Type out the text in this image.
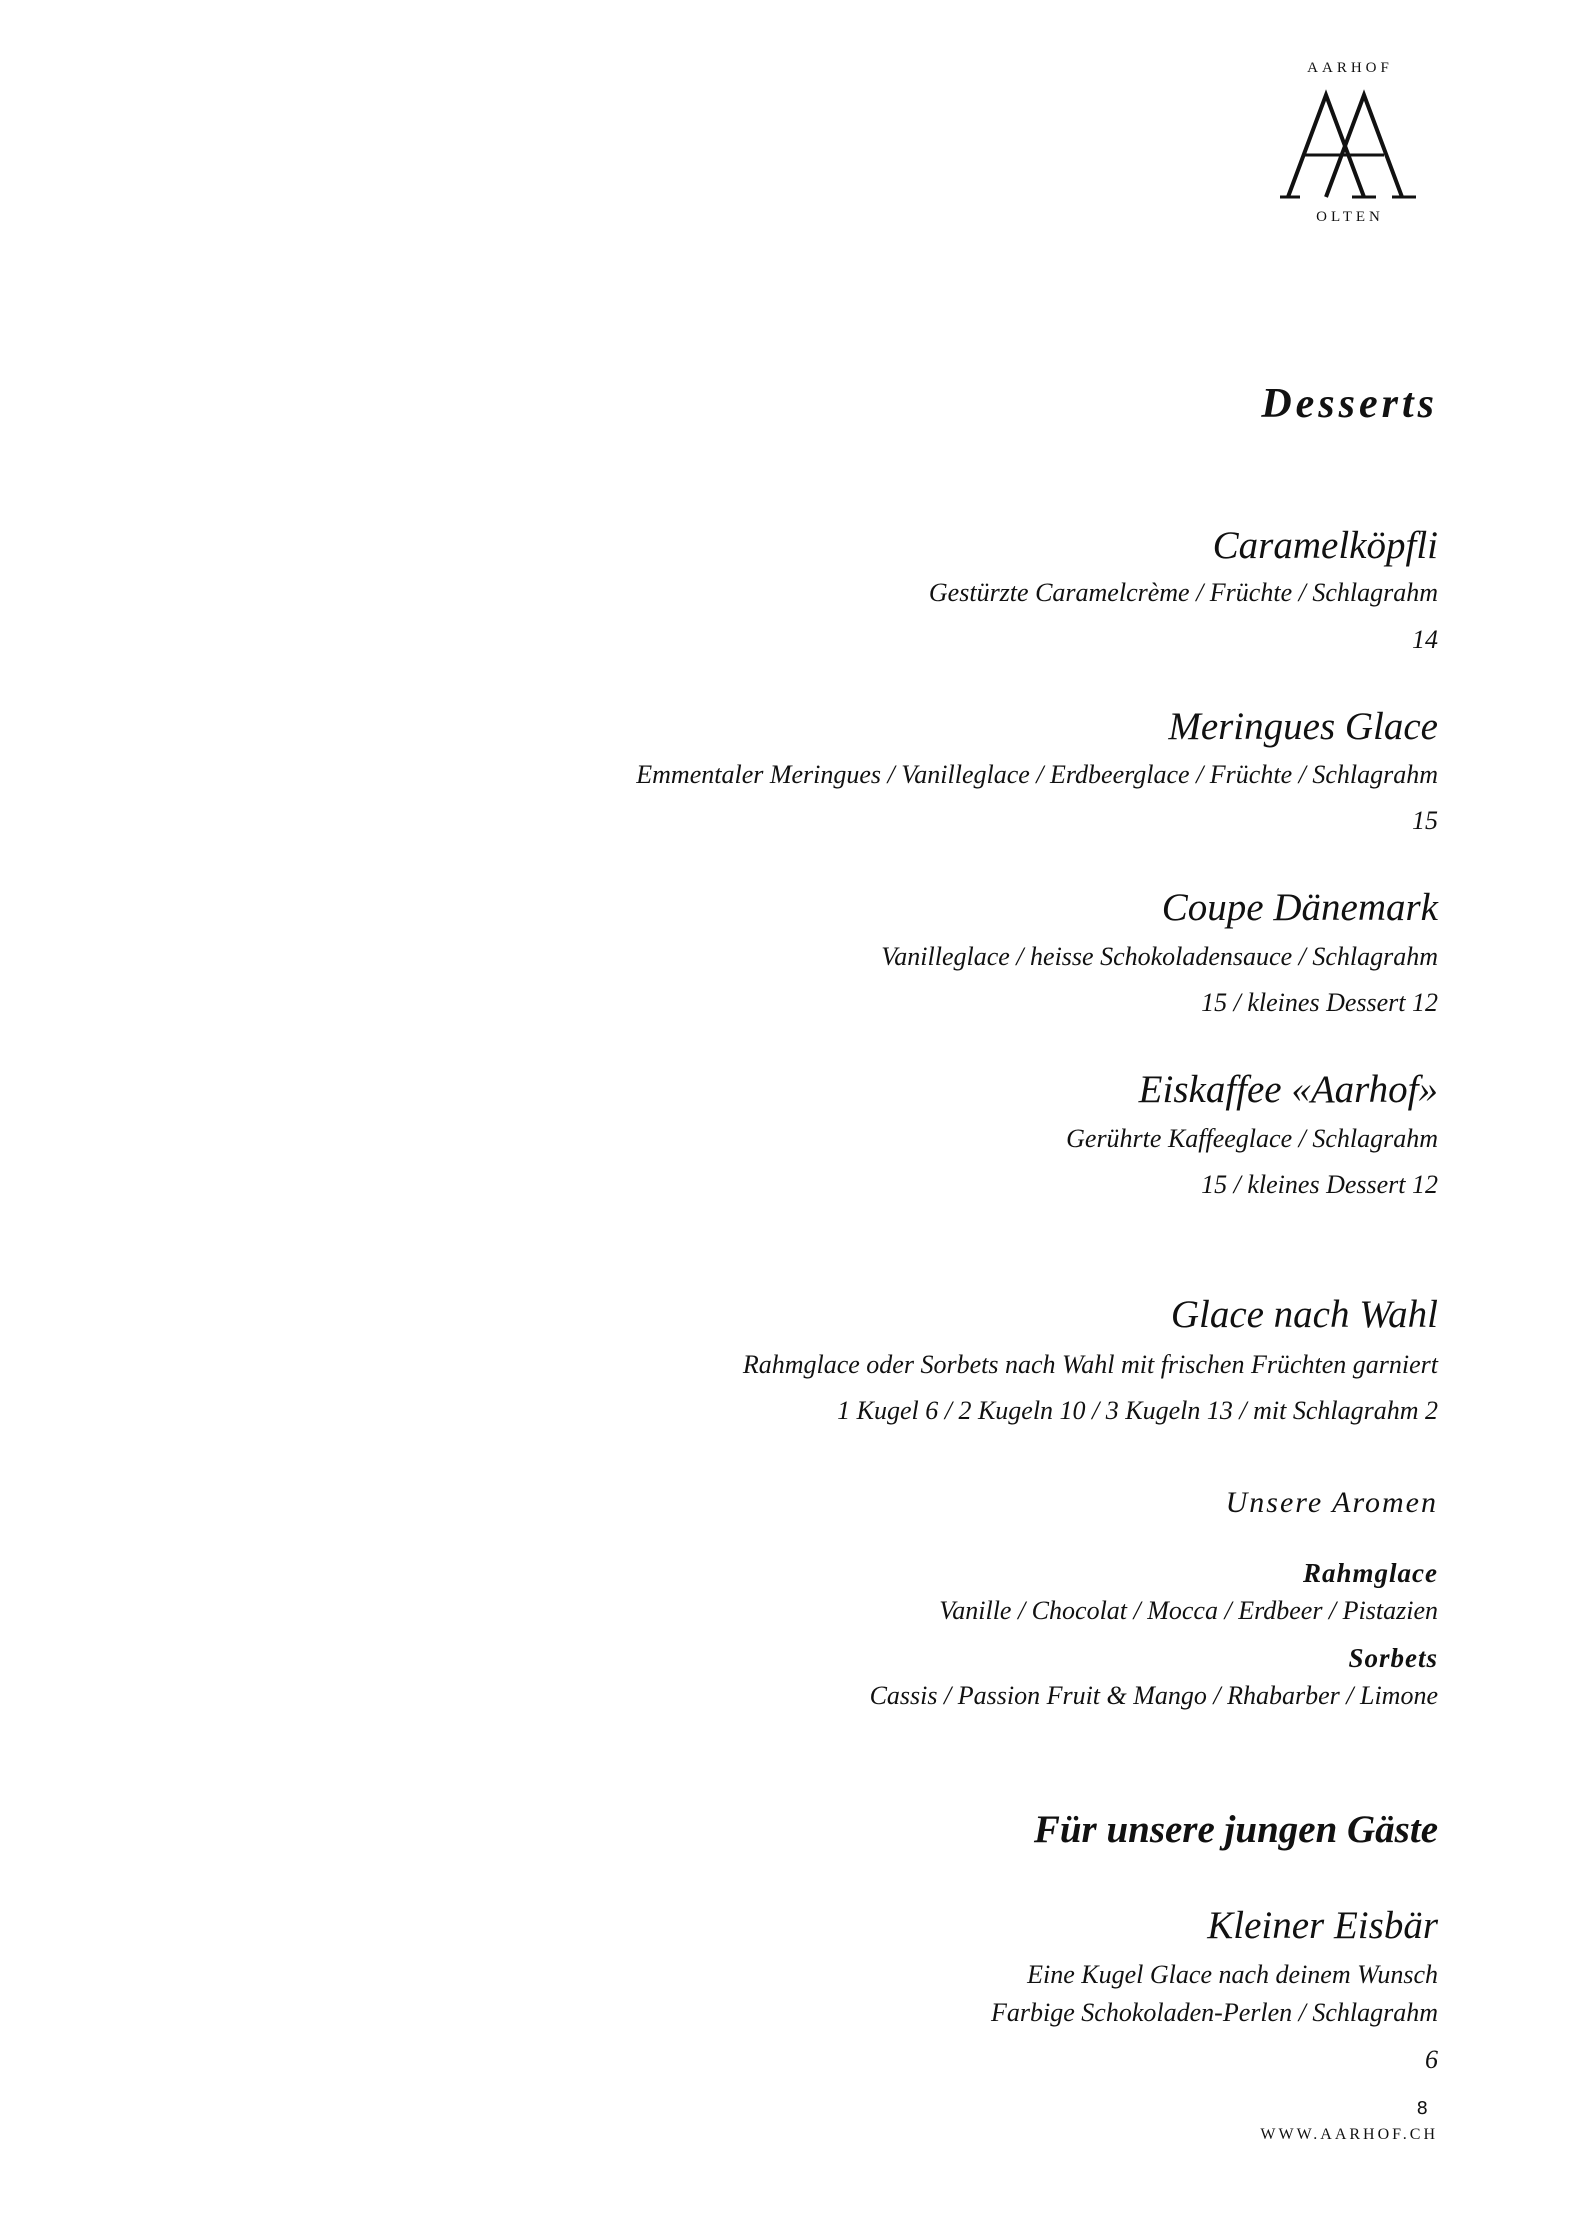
AARHOF
OLTEN
Desserts
Caramelköpfli
Gestürzte Caramelcrème / Früchte / Schlagrahm
14
Meringues Glace
Emmentaler Meringues / Vanilleglace / Erdbeerglace / Früchte / Schlagrahm
15
Coupe Dänemark
Vanilleglace / heisse Schokoladensauce / Schlagrahm
15 / kleines Dessert 12
Eiskaffee «Aarhof»
Gerührte Kaffeeglace / Schlagrahm
15 / kleines Dessert 12
Glace nach Wahl
Rahmglace oder Sorbets nach Wahl mit frischen Früchten garniert
1 Kugel 6 / 2 Kugeln 10 / 3 Kugeln 13 / mit Schlagrahm 2
Unsere Aromen
Rahmglace
Vanille / Chocolat / Mocca / Erdbeer / Pistazien
Sorbets
Cassis / Passion Fruit & Mango / Rhabarber / Limone
Für unsere jungen Gäste
Kleiner Eisbär
Eine Kugel Glace nach deinem Wunsch
Farbige Schokoladen-Perlen / Schlagrahm
6
8
WWW.AARHOF.CH
